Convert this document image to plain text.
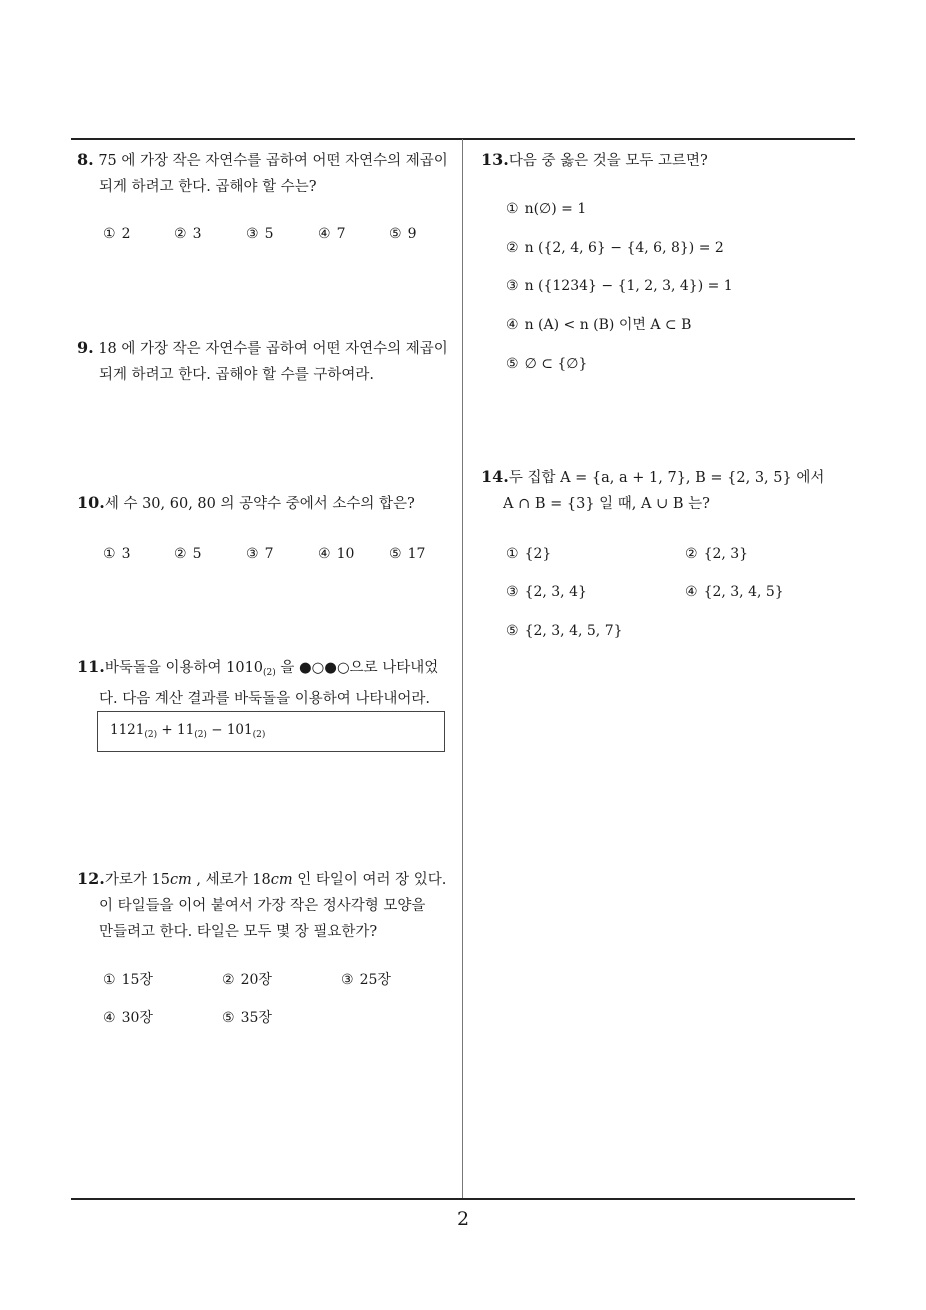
8. 75 에 가장 작은 자연수를 곱하여 어떤 자연수의 제곱이
되게 하려고 한다. 곱해야 할 수는?
① 2	② 3	③ 5	④ 7	⑤ 9
9. 18 에 가장 작은 자연수를 곱하여 어떤 자연수의 제곱이
되게 하려고 한다. 곱해야 할 수를 구하여라.
10.세 수 30, 60, 80 의 공약수 중에서 소수의 합은?
① 3	② 5	③ 7	④ 10 ⑤ 17
11.바둑돌을 이용하여 $1010_{(2)}$ 을 ●○●○으로 나타내었
다. 다음 계산 결과를 바둑돌을 이용하여 나타내어라.
$1121_{(2)} + 11_{(2)} - 101_{(2)}$
12.가로가 15cm , 세로가 18cm 인 타일이 여러 장 있다.
이 타일들을 이어 붙여서 가장 작은 정사각형 모양을
만들려고 한다. 타일은 모두 몇 장 필요한가?
① 15장	② 20장	③ 25장
④ 30장	⑤ 35장
13.다음 중 옳은 것을 모두 고르면?
① n(∅) = 1
② n ({2, 4, 6} − {4, 6, 8}) = 2
③ n ({1234} − {1, 2, 3, 4}) = 1
④ n (A) < n (B) 이면 A ⊂ B
⑤ ∅ ⊂ {∅}
14.두 집합 A = {a, a + 1, 7}, B = {2, 3, 5} 에서
A ∩ B = {3} 일 때, A ∪ B 는?
① {2}	② {2, 3}
③ {2, 3, 4}	④ {2, 3, 4, 5}
⑤ {2, 3, 4, 5, 7}
2
